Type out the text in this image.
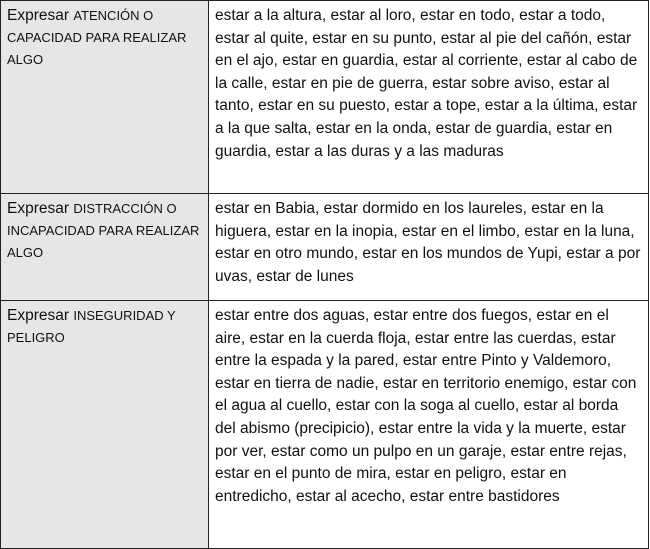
Expresar ATENCIÓN O CAPACIDAD PARA REALIZAR ALGO	estar a la altura, estar al loro, estar en todo, estar a todo, estar al quite, estar en su punto, estar al pie del cañón, estar en el ajo, estar en guardia, estar al corriente, estar al cabo de la calle, estar en pie de guerra, estar sobre aviso, estar al tanto, estar en su puesto, estar a tope, estar a la última, estar a la que salta, estar en la onda, estar de guardia, estar en guardia, estar a las duras y a las maduras
Expresar DISTRACCIÓN O INCAPACIDAD PARA REALIZAR ALGO	estar en Babia, estar dormido en los laureles, estar en la higuera, estar en la inopia, estar en el limbo, estar en la luna, estar en otro mundo, estar en los mundos de Yupi, estar a por uvas, estar de lunes
Expresar INSEGURIDAD Y PELIGRO	estar entre dos aguas, estar entre dos fuegos, estar en el aire, estar en la cuerda floja, estar entre las cuerdas, estar entre la espada y la pared, estar entre Pinto y Valdemoro, estar en tierra de nadie, estar en territorio enemigo, estar con el agua al cuello, estar con la soga al cuello, estar al borda del abismo (precipicio), estar entre la vida y la muerte, estar por ver, estar como un pulpo en un garaje, estar entre rejas, estar en el punto de mira, estar en peligro, estar en entredicho, estar al acecho, estar entre bastidores
